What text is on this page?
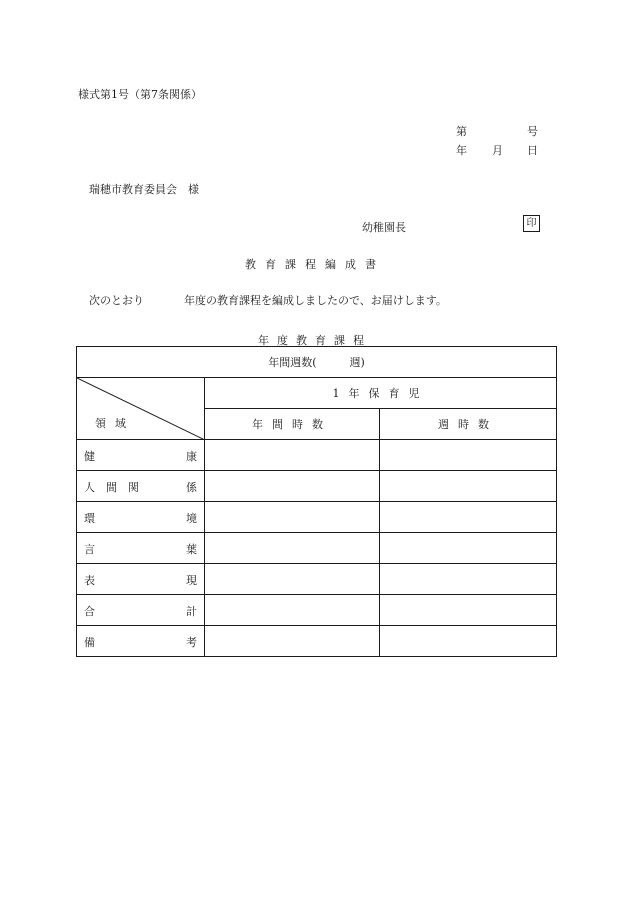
様式第1号（第7条関係）
第	号
年 月 日
瑞穂市教育委員会　様
幼稚園長	印
教育課程編成書
次のとおり	年度の教育課程を編成しましたので、お届けします。
年度教育課程
年間週数(　　　週)		

領域	1年保育児	
	年間時数	週時数

健 康		

人　間　関 係		

環 境		

言 葉		

表 現		

合 計		

備 考		
